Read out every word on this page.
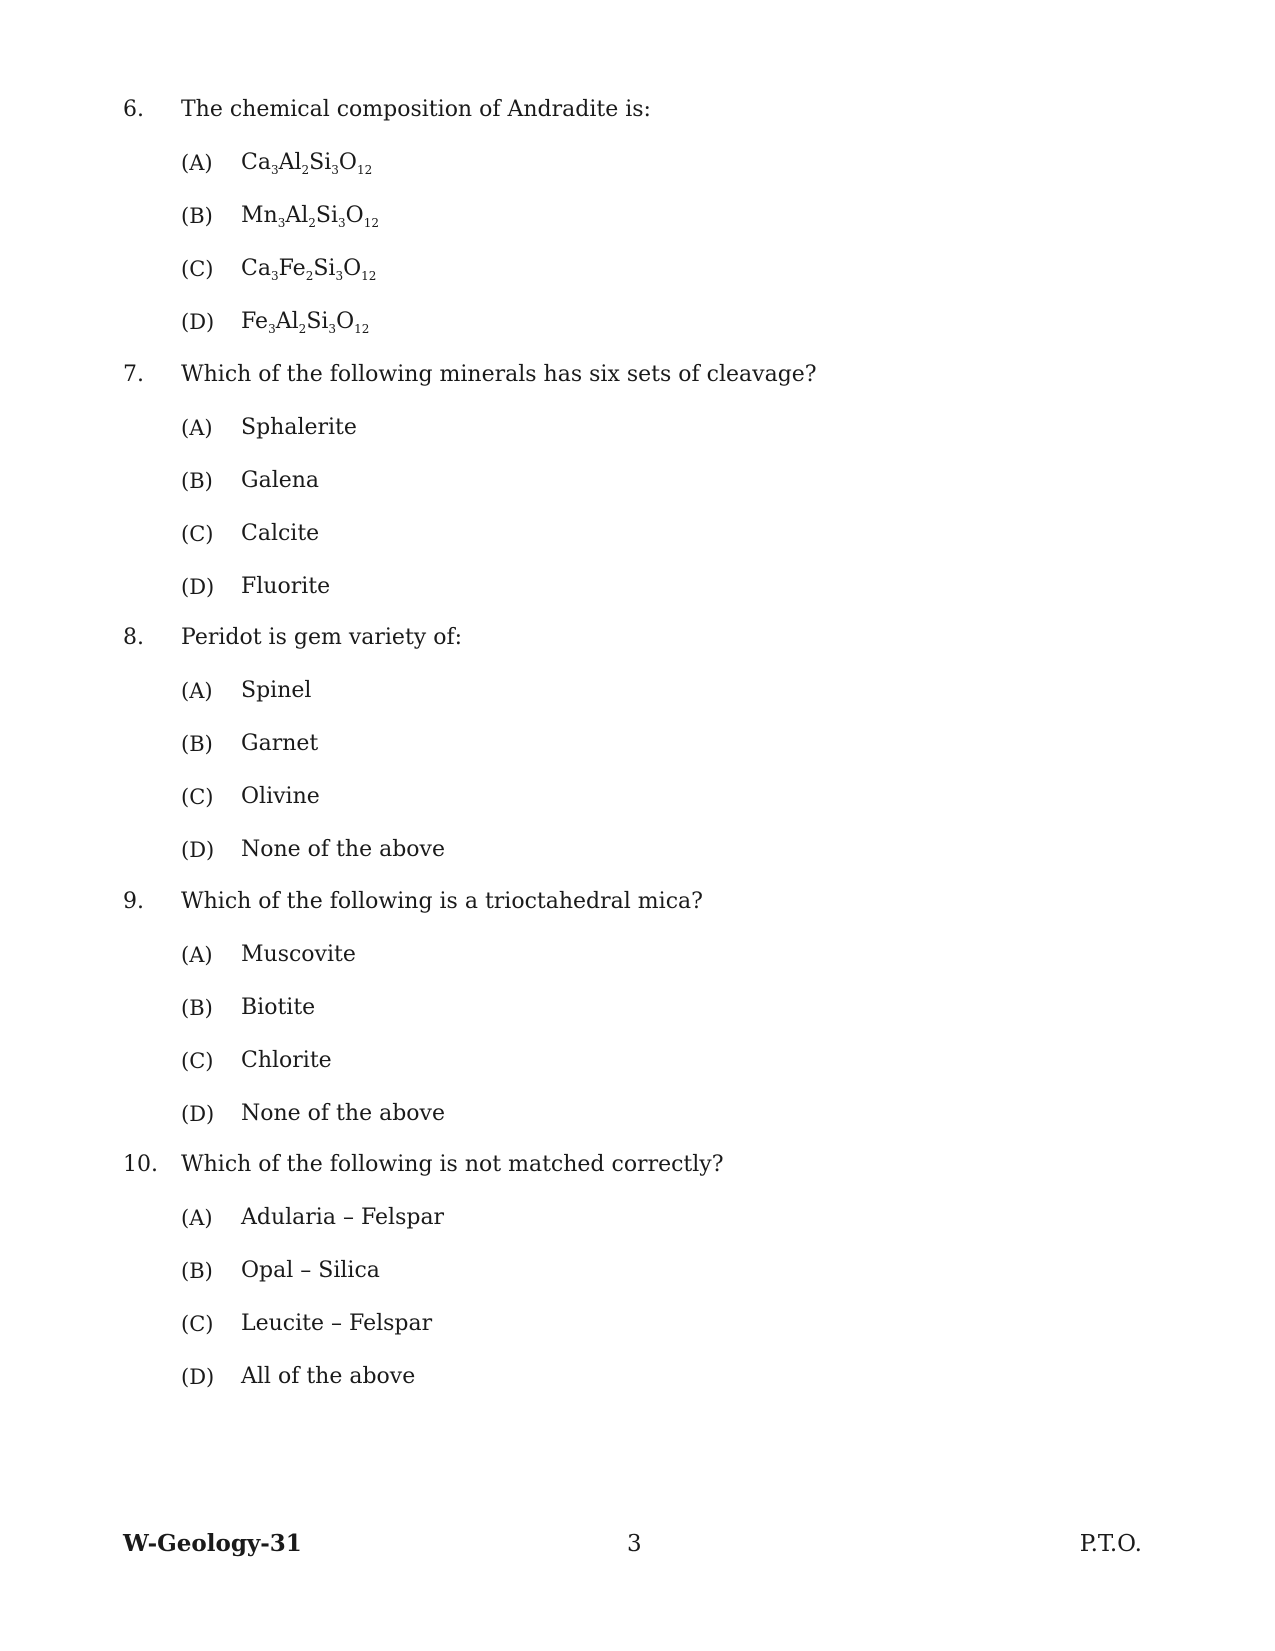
6. The chemical composition of Andradite is:
(A) $Ca_3Al_2Si_3O_{12}$
(B) $Mn_3Al_2Si_3O_{12}$
(C) $Ca_3Fe_2Si_3O_{12}$
(D) $Fe_3Al_2Si_3O_{12}$
7. Which of the following minerals has six sets of cleavage?
(A) Sphalerite
(B) Galena
(C) Calcite
(D) Fluorite
8. Peridot is gem variety of:
(A) Spinel
(B) Garnet
(C) Olivine
(D) None of the above
9. Which of the following is a trioctahedral mica?
(A) Muscovite
(B) Biotite
(C) Chlorite
(D) None of the above
10. Which of the following is not matched correctly?
(A) Adularia – Felspar
(B) Opal – Silica
(C) Leucite – Felspar
(D) All of the above
W-Geology-31	3	P.T.O.
